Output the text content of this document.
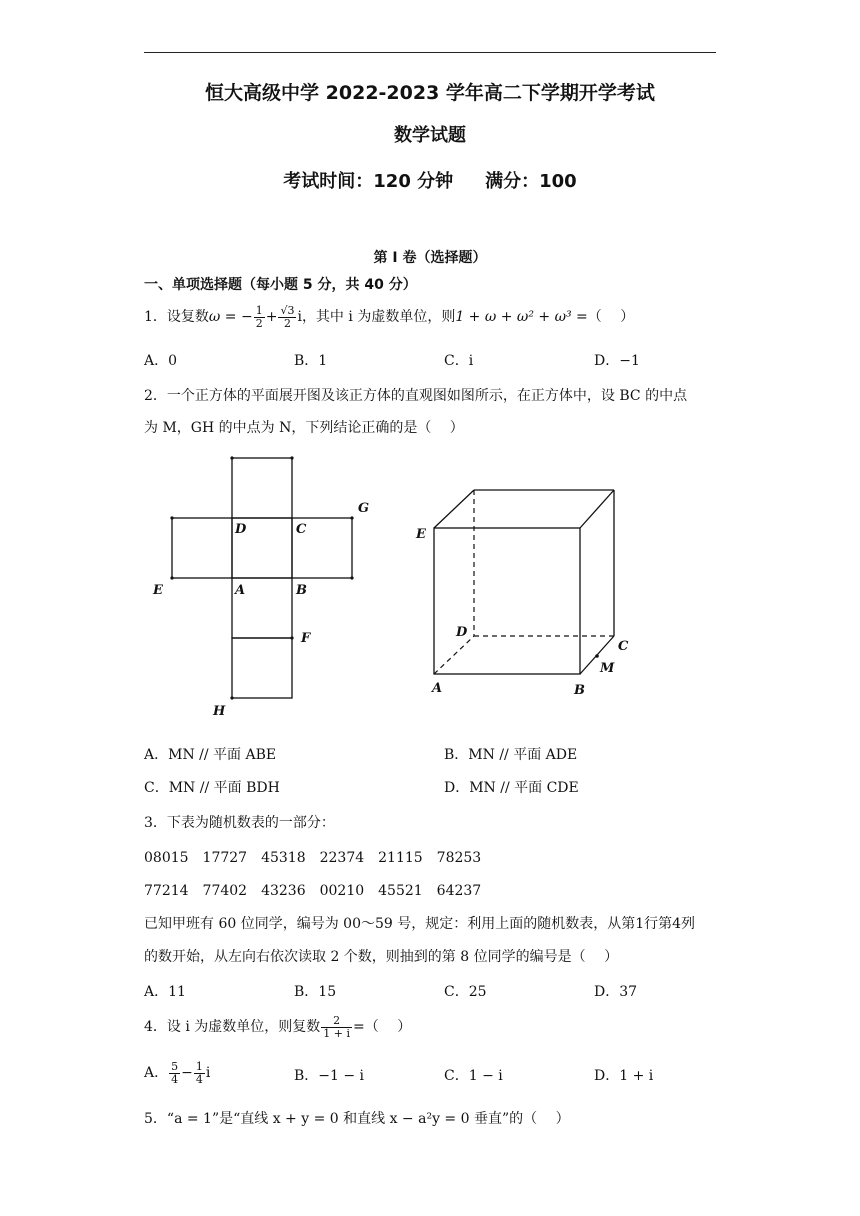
恒大高级中学 2022-2023 学年高二下学期开学考试
数学试题
考试时间：120 分钟 满分：100
第 I 卷（选择题）
一、单项选择题（每小题 5 分，共 40 分）
1．设复数ω = − $\frac{1}{2} + \frac{√3}{2}$ i，其中 i 为虚数单位，则1 + ω + ω² + ω³ =（　 ）
A．0	B．1	C．i	D．−1
2．一个正方体的平面展开图及该正方体的直观图如图所示，在正方体中，设 BC 的中点
为 M，GH 的中点为 N，下列结论正确的是（　 ）
D	C
G
E	A	B
F
H
E
D
C
M
A	B
A．MN // 平面 ABE	B．MN // 平面 ADE
C．MN // 平面 BDH	D．MN // 平面 CDE
3．下表为随机数表的一部分：
08015　17727　45318　22374　21115　78253
77214　77402　43236　00210　45521　64237
已知甲班有 60 位同学，编号为 00～59 号，规定：利用上面的随机数表，从第1行第4列
的数开始，从左向右依次读取 2 个数，则抽到的第 8 位同学的编号是（　 ）
A．11	B．15	C．25	D．37
4．设 i 为虚数单位，则复数 $\frac{2}{1 + i}$ =（　 ）
A． $\frac{5}{4} - \frac{1}{4}$ i	B．−1 − i	C．1 − i	D．1 + i
5．“a = 1”是“直线 x + y = 0 和直线 x − a²y = 0 垂直”的（　 ）
